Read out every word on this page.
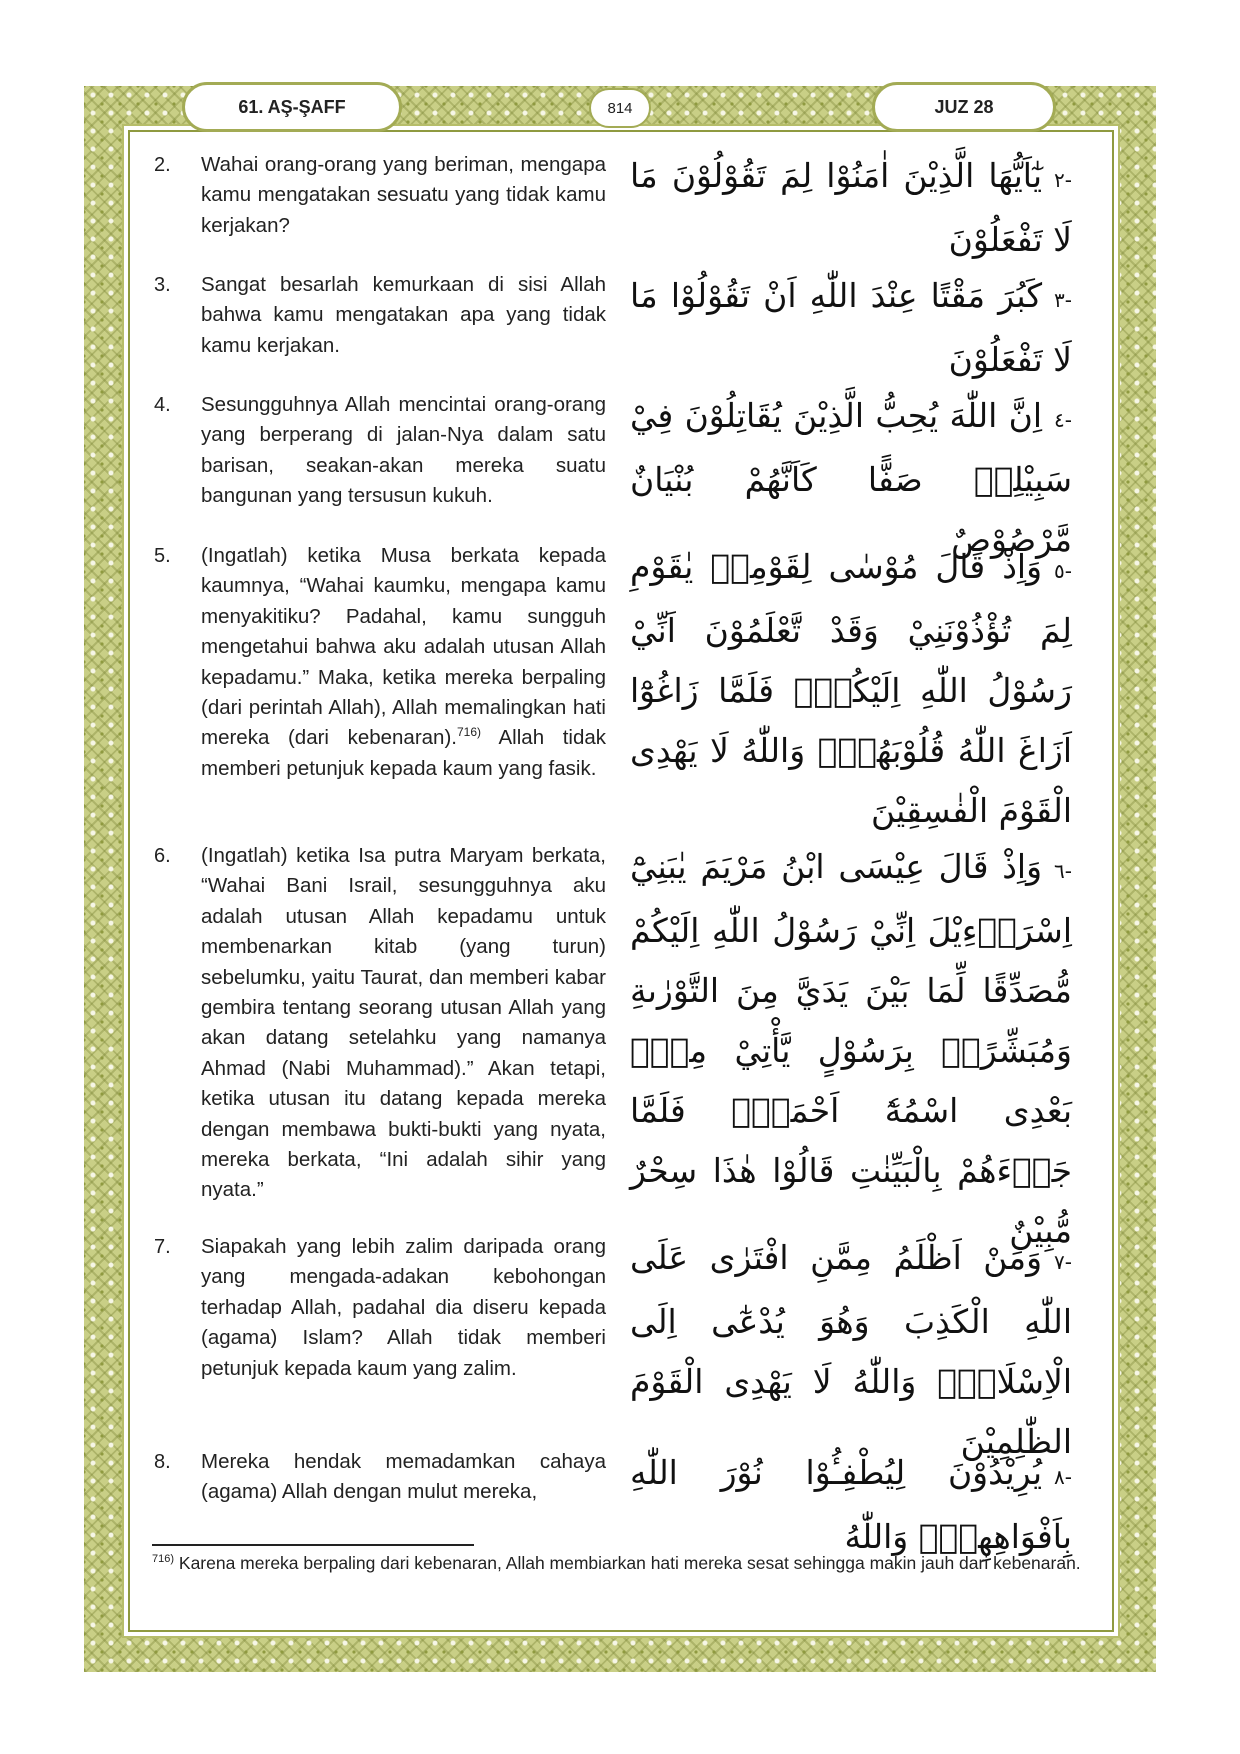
61. AŞ-ŞAFF	814	JUZ 28
2. Wahai orang-orang yang beriman, mengapa kamu mengatakan sesuatu yang tidak kamu kerjakan?
-٢يٰٓاَيُّهَا الَّذِيْنَ اٰمَنُوْا لِمَ تَقُوْلُوْنَ مَا لَا تَفْعَلُوْنَ
3. Sangat besarlah kemurkaan di sisi Allah bahwa kamu mengatakan apa yang tidak kamu kerjakan.
-٣كَبُرَ مَقْتًا عِنْدَ اللّٰهِ اَنْ تَقُوْلُوْا مَا لَا تَفْعَلُوْنَ
4. Sesungguhnya Allah mencintai orang-orang yang berperang di jalan-Nya dalam satu barisan, seakan-akan mereka suatu bangunan yang tersusun kukuh.
-٤اِنَّ اللّٰهَ يُحِبُّ الَّذِيْنَ يُقَاتِلُوْنَ فِيْ سَبِيْلِهٖ صَفًّا كَاَنَّهُمْ بُنْيَانٌ مَّرْصُوْصٌ
5. (Ingatlah) ketika Musa berkata kepada kaumnya, “Wahai kaumku, mengapa kamu menyakitiku? Padahal, kamu sungguh mengetahui bahwa aku adalah utusan Allah kepadamu.” Maka, ketika mereka berpaling (dari perintah Allah), Allah memalingkan hati mereka (dari kebenaran).$^{716)}$ Allah tidak memberi petunjuk kepada kaum yang fasik.
-٥وَاِذْ قَالَ مُوْسٰى لِقَوْمِهٖ يٰقَوْمِ لِمَ تُؤْذُوْنَنِيْ وَقَدْ تَّعْلَمُوْنَ اَنِّيْ رَسُوْلُ اللّٰهِ اِلَيْكُمْۗ فَلَمَّا زَاغُوْٓا اَزَاغَ اللّٰهُ قُلُوْبَهُمْۗ وَاللّٰهُ لَا يَهْدِى الْقَوْمَ الْفٰسِقِيْنَ
6. (Ingatlah) ketika Isa putra Maryam berkata, “Wahai Bani Israil, sesungguhnya aku adalah utusan Allah kepadamu untuk membenarkan kitab (yang turun) sebelumku, yaitu Taurat, dan memberi kabar gembira tentang seorang utusan Allah yang akan datang setelahku yang namanya Ahmad (Nabi Muhammad).” Akan tetapi, ketika utusan itu datang kepada mereka dengan membawa bukti-bukti yang nyata, mereka berkata, “Ini adalah sihir yang nyata.”
-٦وَاِذْ قَالَ عِيْسَى ابْنُ مَرْيَمَ يٰبَنِيْٓ اِسْرَاۤءِيْلَ اِنِّيْ رَسُوْلُ اللّٰهِ اِلَيْكُمْ مُّصَدِّقًا لِّمَا بَيْنَ يَدَيَّ مِنَ التَّوْرٰىةِ وَمُبَشِّرًاۢ بِرَسُوْلٍ يَّأْتِيْ مِنْۢ بَعْدِى اسْمُهٗٓ اَحْمَدُۗ فَلَمَّا جَاۤءَهُمْ بِالْبَيِّنٰتِ قَالُوْا هٰذَا سِحْرٌ مُّبِيْنٌ
7. Siapakah yang lebih zalim daripada orang yang mengada-adakan kebohongan terhadap Allah, padahal dia diseru kepada (agama) Islam? Allah tidak memberi petunjuk kepada kaum yang zalim.
-٧وَمَنْ اَظْلَمُ مِمَّنِ افْتَرٰى عَلَى اللّٰهِ الْكَذِبَ وَهُوَ يُدْعٰٓى اِلَى الْاِسْلَامِۗ وَاللّٰهُ لَا يَهْدِى الْقَوْمَ الظّٰلِمِيْنَ
8. Mereka hendak memadamkan cahaya (agama) Allah dengan mulut mereka,
-٨يُرِيْدُوْنَ لِيُطْفِـُٔوْا نُوْرَ اللّٰهِ بِاَفْوَاهِهِمْۗ وَاللّٰهُ
$^{716)}$ Karena mereka berpaling dari kebenaran, Allah membiarkan hati mereka sesat sehingga makin jauh dari kebenaran.
